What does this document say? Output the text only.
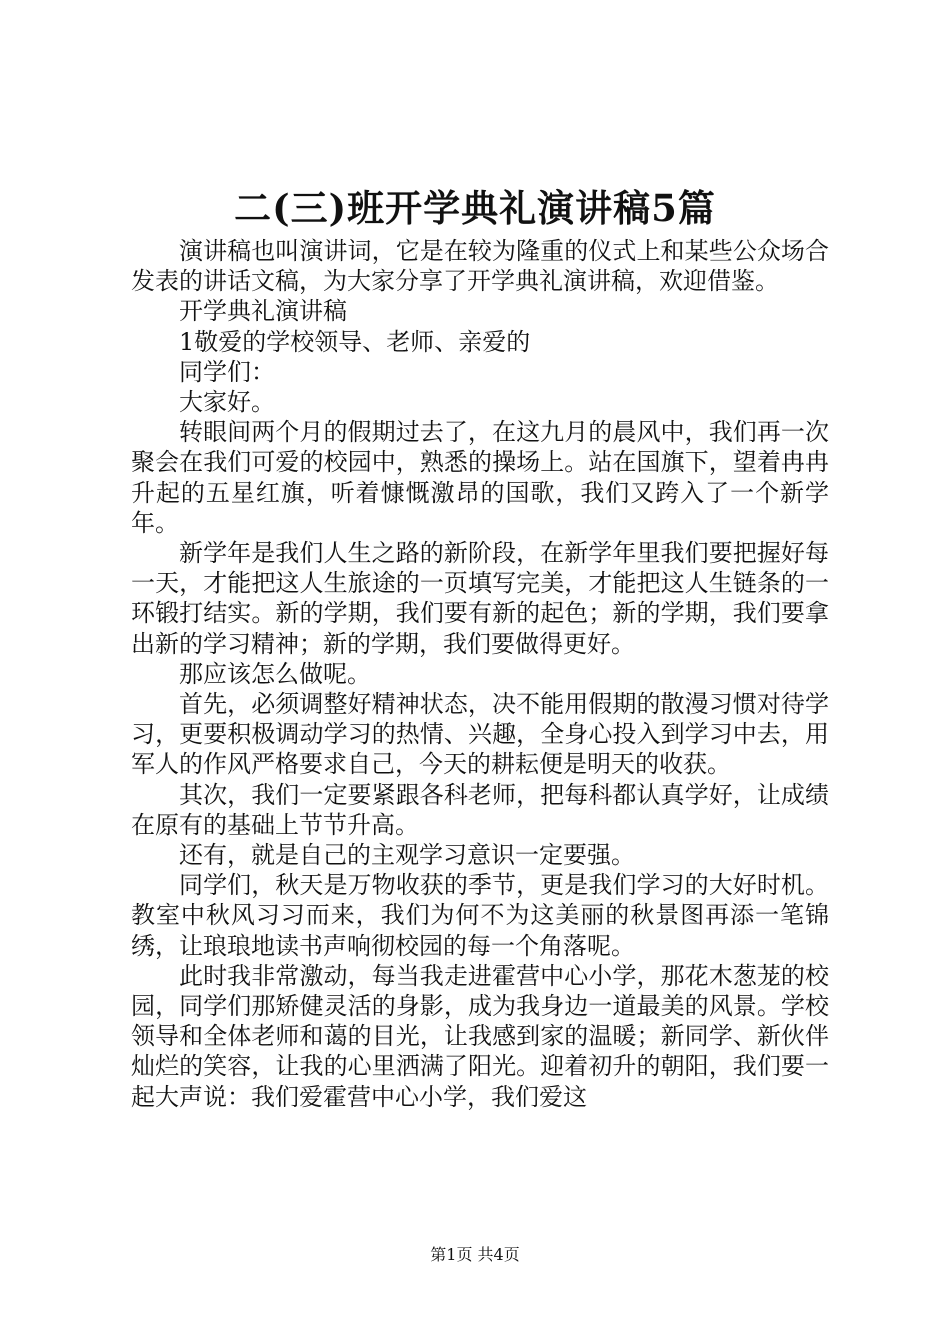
二(三)班开学典礼演讲稿5篇

演讲稿也叫演讲词，它是在较为隆重的仪式上和某些公众场合发表的讲话文稿，为大家分享了开学典礼演讲稿，欢迎借鉴。

开学典礼演讲稿

1敬爱的学校领导、老师、亲爱的

同学们：

大家好。

转眼间两个月的假期过去了，在这九月的晨风中，我们再一次聚会在我们可爱的校园中，熟悉的操场上。站在国旗下，望着冉冉升起的五星红旗，听着慷慨激昂的国歌，我们又跨入了一个新学年。

新学年是我们人生之路的新阶段，在新学年里我们要把握好每一天，才能把这人生旅途的一页填写完美，才能把这人生链条的一环锻打结实。新的学期，我们要有新的起色；新的学期，我们要拿出新的学习精神；新的学期，我们要做得更好。

那应该怎么做呢。

首先，必须调整好精神状态，决不能用假期的散漫习惯对待学习，更要积极调动学习的热情、兴趣，全身心投入到学习中去，用军人的作风严格要求自己，今天的耕耘便是明天的收获。

其次，我们一定要紧跟各科老师，把每科都认真学好，让成绩在原有的基础上节节升高。

还有，就是自己的主观学习意识一定要强。

同学们，秋天是万物收获的季节，更是我们学习的大好时机。教室中秋风习习而来，我们为何不为这美丽的秋景图再添一笔锦绣，让琅琅地读书声响彻校园的每一个角落呢。

此时我非常激动，每当我走进霍营中心小学，那花木葱茏的校园，同学们那矫健灵活的身影，成为我身边一道最美的风景。学校领导和全体老师和蔼的目光，让我感到家的温暖；新同学、新伙伴灿烂的笑容，让我的心里洒满了阳光。迎着初升的朝阳，我们要一起大声说：我们爱霍营中心小学，我们爱这

第1页 共4页
